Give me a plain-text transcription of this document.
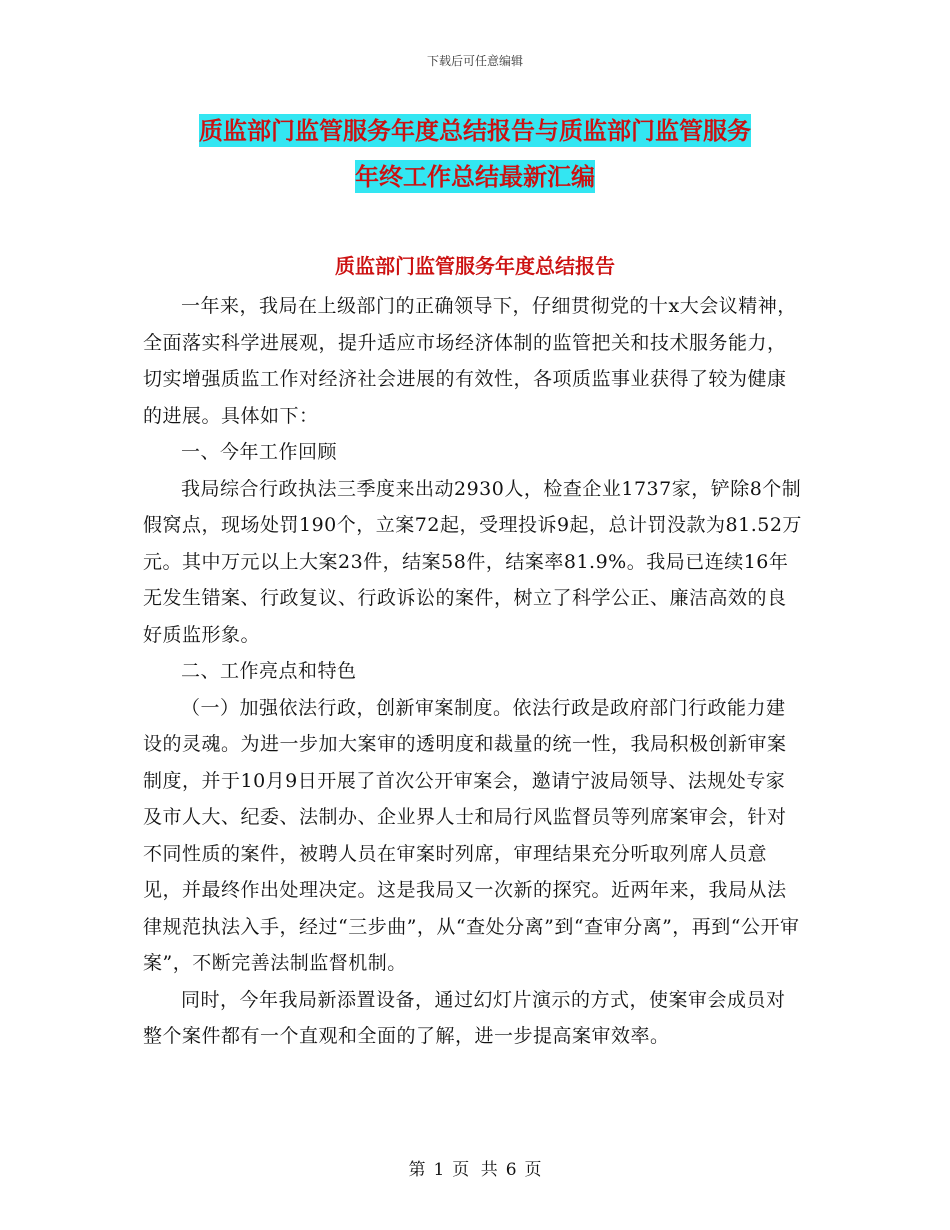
下载后可任意编辑
质监部门监管服务年度总结报告与质监部门监管服务
年终工作总结最新汇编
质监部门监管服务年度总结报告

一年来，我局在上级部门的正确领导下，仔细贯彻党的十x大会议精神，全面落实科学进展观，提升适应市场经济体制的监管把关和技术服务能力，切实增强质监工作对经济社会进展的有效性，各项质监事业获得了较为健康的进展。具体如下：

一、今年工作回顾

我局综合行政执法三季度来出动2930人，检查企业1737家，铲除8个制假窝点，现场处罚190个，立案72起，受理投诉9起，总计罚没款为81.52万元。其中万元以上大案23件，结案58件，结案率81.9%。我局已连续16年无发生错案、行政复议、行政诉讼的案件，树立了科学公正、廉洁高效的良好质监形象。

二、工作亮点和特色

（一）加强依法行政，创新审案制度。依法行政是政府部门行政能力建设的灵魂。为进一步加大案审的透明度和裁量的统一性，我局积极创新审案制度，并于10月9日开展了首次公开审案会，邀请宁波局领导、法规处专家及市人大、纪委、法制办、企业界人士和局行风监督员等列席案审会，针对不同性质的案件，被聘人员在审案时列席，审理结果充分听取列席人员意见，并最终作出处理决定。这是我局又一次新的探究。近两年来，我局从法律规范执法入手，经过“三步曲”，从“查处分离”到“查审分离”，再到“公开审案”，不断完善法制监督机制。

同时，今年我局新添置设备，通过幻灯片演示的方式，使案审会成员对整个案件都有一个直观和全面的了解，进一步提高案审效率。

第 1 页 共 6 页
